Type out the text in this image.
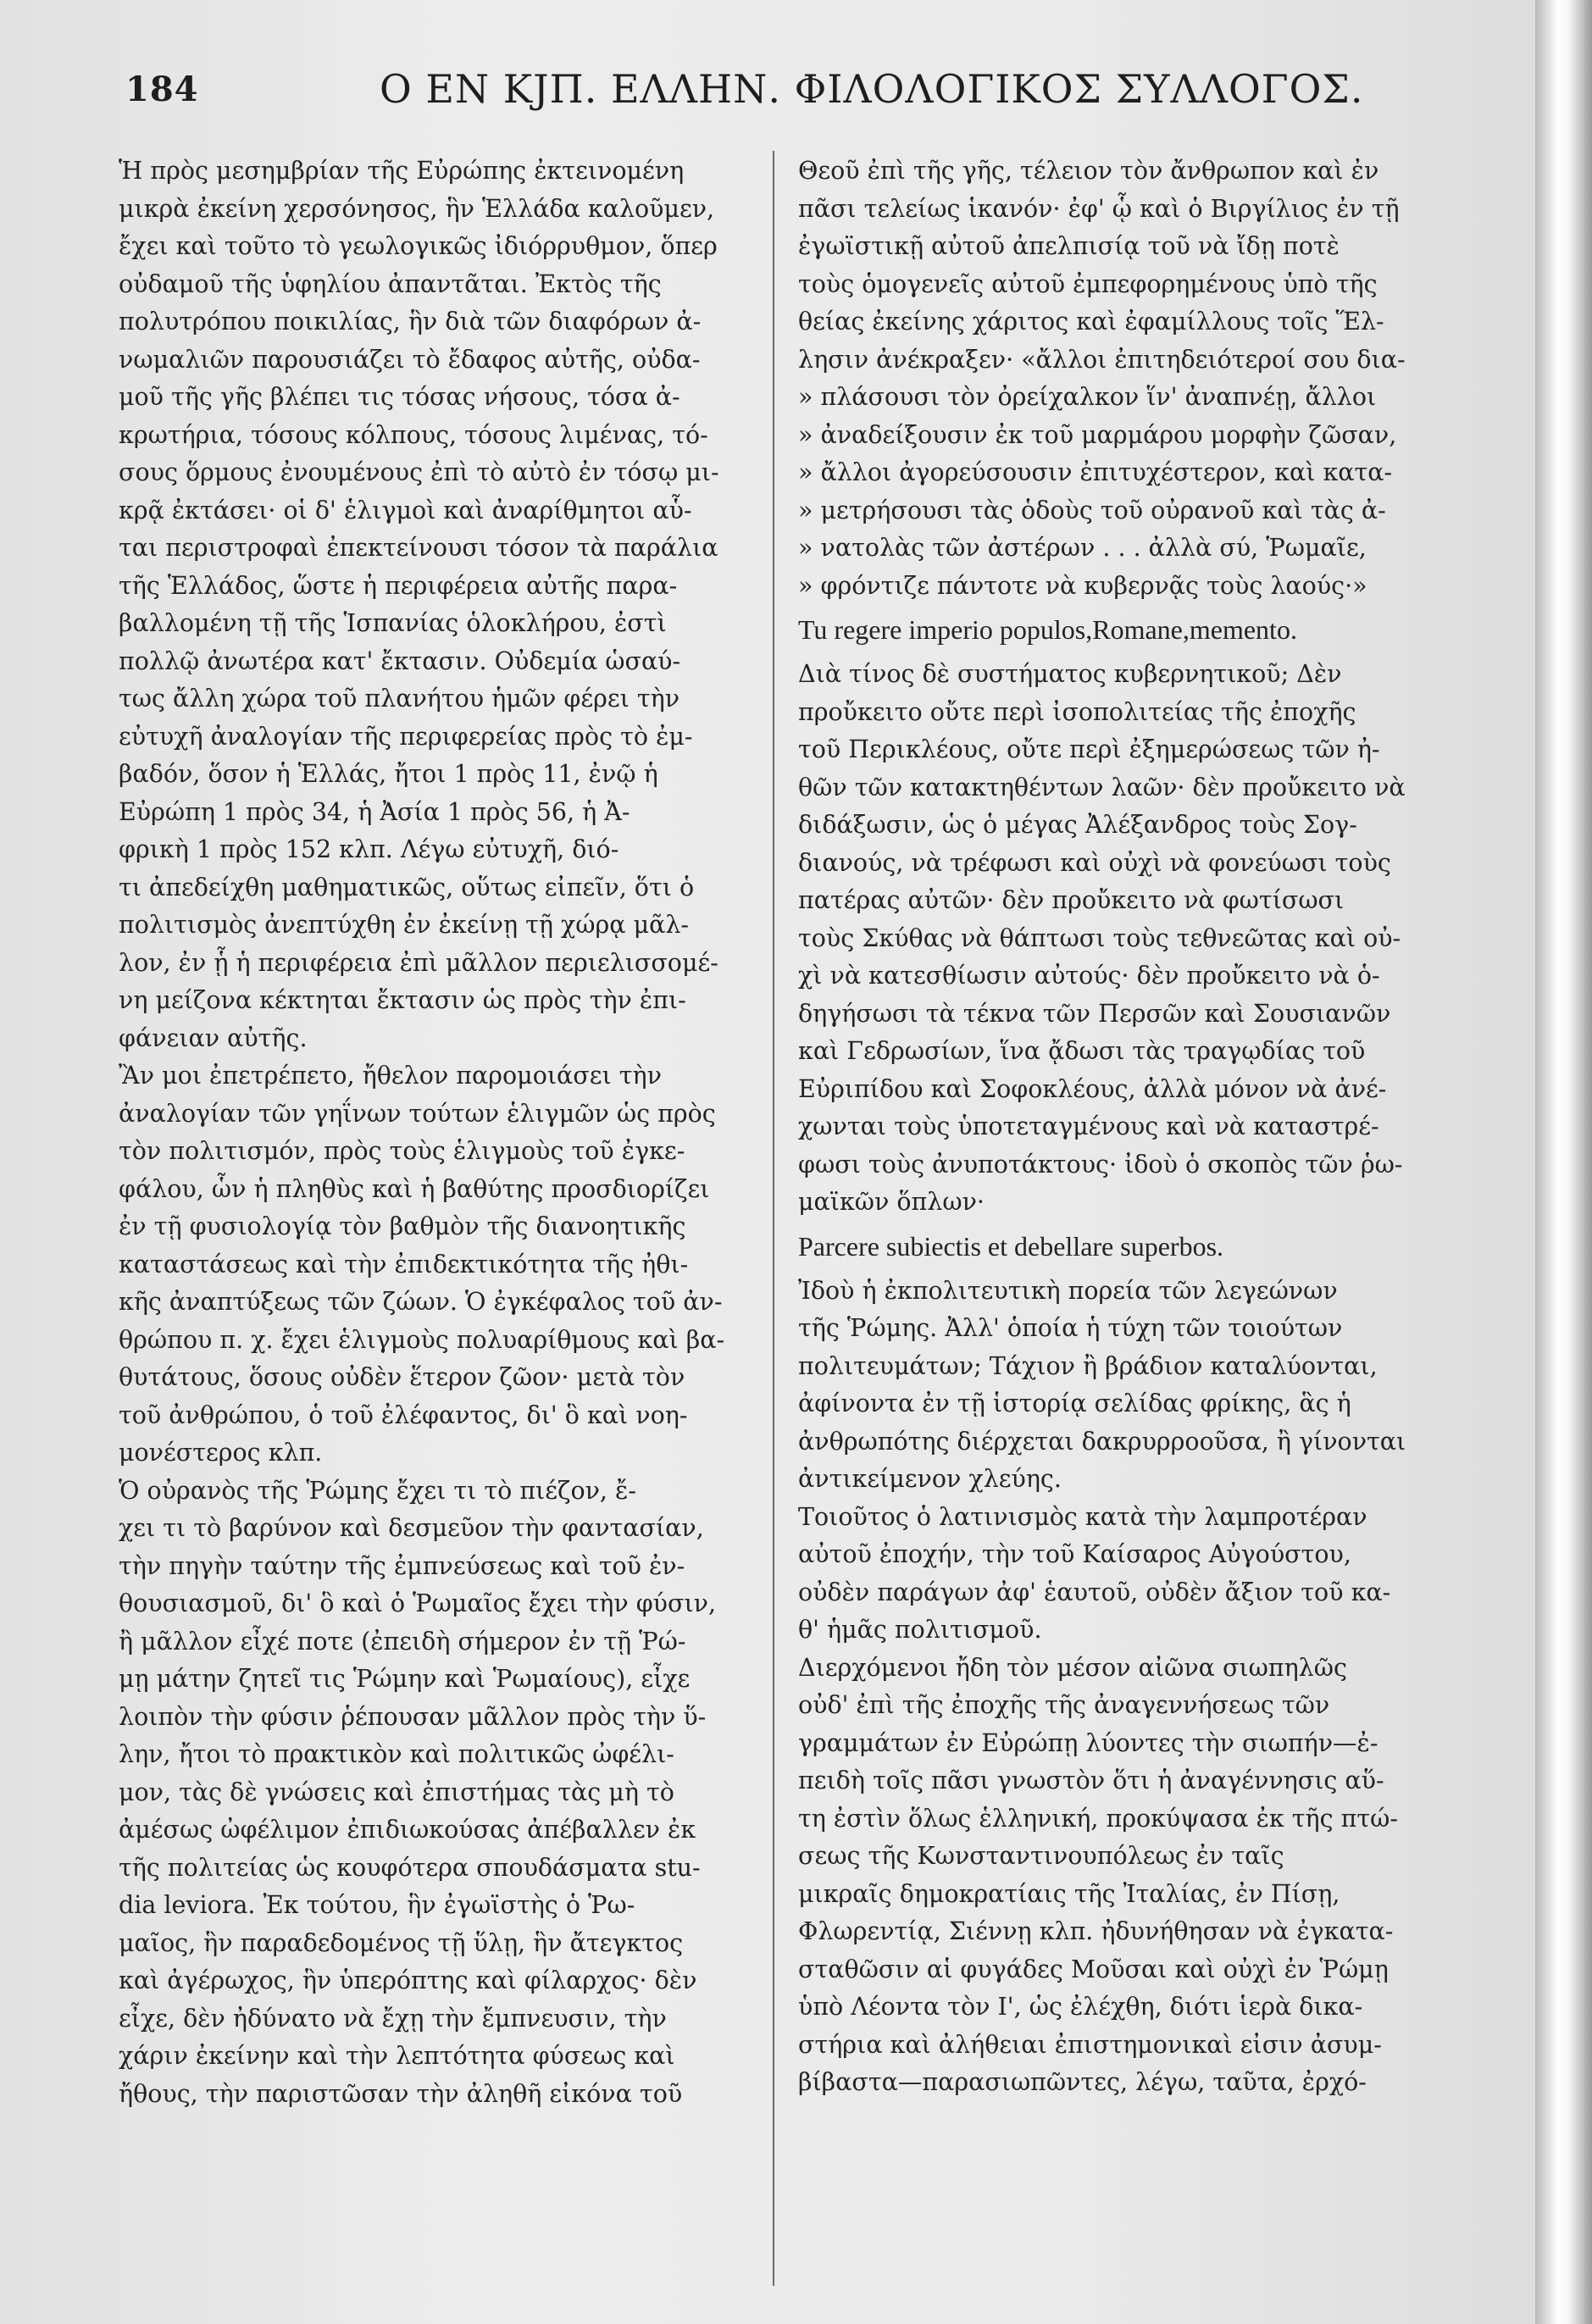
184	Ο ΕΝ ΚJΠ. ΕΛΛΗΝ. ΦΙΛΟΛΟΓΙΚΟΣ ΣΥΛΛΟΓΟΣ.
Ἡ πρὸς μεσημβρίαν τῆς Εὐρώπης ἐκτεινομένη
μικρὰ ἐκείνη χερσόνησος, ἣν Ἑλλάδα καλοῦμεν,
ἔχει καὶ τοῦτο τὸ γεωλογικῶς ἰδιόρρυθμον, ὅπερ
οὐδαμοῦ τῆς ὑφηλίου ἀπαντᾶται. Ἐκτὸς τῆς
πολυτρόπου ποικιλίας, ἣν διὰ τῶν διαφόρων ἀ-
νωμαλιῶν παρουσιάζει τὸ ἔδαφος αὐτῆς, οὐδα-
μοῦ τῆς γῆς βλέπει τις τόσας νήσους, τόσα ἀ-
κρωτήρια, τόσους κόλπους, τόσους λιμένας, τό-
σους ὅρμους ἐνουμένους ἐπὶ τὸ αὐτὸ ἐν τόσῳ μι-
κρᾷ ἐκτάσει· οἱ δ' ἑλιγμοὶ καὶ ἀναρίθμητοι αὗ-
ται περιστροφαὶ ἐπεκτείνουσι τόσον τὰ παράλια
τῆς Ἑλλάδος, ὥστε ἡ περιφέρεια αὐτῆς παρα-
βαλλομένη τῇ τῆς Ἱσπανίας ὁλοκλήρου, ἐστὶ
πολλῷ ἀνωτέρα κατ' ἔκτασιν. Οὐδεμία ὡσαύ-
τως ἄλλη χώρα τοῦ πλανήτου ἡμῶν φέρει τὴν
εὐτυχῆ ἀναλογίαν τῆς περιφερείας πρὸς τὸ ἐμ-
βαδόν, ὅσον ἡ Ἑλλάς, ἤτοι 1 πρὸς 11, ἐνῷ ἡ
Εὐρώπη 1 πρὸς 34, ἡ Ἀσία 1 πρὸς 56, ἡ Ἀ-
φρικὴ 1 πρὸς 152 κλπ. Λέγω εὐτυχῆ, διό-
τι ἀπεδείχθη μαθηματικῶς, οὕτως εἰπεῖν, ὅτι ὁ
πολιτισμὸς ἀνεπτύχθη ἐν ἐκείνῃ τῇ χώρᾳ μᾶλ-
λον, ἐν ᾗ ἡ περιφέρεια ἐπὶ μᾶλλον περιελισσομέ-
νη μείζονα κέκτηται ἔκτασιν ὡς πρὸς τὴν ἐπι-
φάνειαν αὐτῆς.
Ἂν μοι ἐπετρέπετο, ἤθελον παρομοιάσει τὴν
ἀναλογίαν τῶν γηΐνων τούτων ἑλιγμῶν ὡς πρὸς
τὸν πολιτισμόν, πρὸς τοὺς ἑλιγμοὺς τοῦ ἐγκε-
φάλου, ὧν ἡ πληθὺς καὶ ἡ βαθύτης προσδιορίζει
ἐν τῇ φυσιολογίᾳ τὸν βαθμὸν τῆς διανοητικῆς
καταστάσεως καὶ τὴν ἐπιδεκτικότητα τῆς ἠθι-
κῆς ἀναπτύξεως τῶν ζώων. Ὁ ἐγκέφαλος τοῦ ἀν-
θρώπου π. χ. ἔχει ἑλιγμοὺς πολυαρίθμους καὶ βα-
θυτάτους, ὅσους οὐδὲν ἕτερον ζῶον· μετὰ τὸν
τοῦ ἀνθρώπου, ὁ τοῦ ἐλέφαντος, δι' ὃ καὶ νοη-
μονέστερος κλπ.
Ὁ οὐρανὸς τῆς Ῥώμης ἔχει τι τὸ πιέζον, ἔ-
χει τι τὸ βαρύνον καὶ δεσμεῦον τὴν φαντασίαν,
τὴν πηγὴν ταύτην τῆς ἐμπνεύσεως καὶ τοῦ ἐν-
θουσιασμοῦ, δι' ὃ καὶ ὁ Ῥωμαῖος ἔχει τὴν φύσιν,
ἢ μᾶλλον εἶχέ ποτε (ἐπειδὴ σήμερον ἐν τῇ Ῥώ-
μῃ μάτην ζητεῖ τις Ῥώμην καὶ Ῥωμαίους), εἶχε
λοιπὸν τὴν φύσιν ῥέπουσαν μᾶλλον πρὸς τὴν ὕ-
λην, ἤτοι τὸ πρακτικὸν καὶ πολιτικῶς ὠφέλι-
μον, τὰς δὲ γνώσεις καὶ ἐπιστήμας τὰς μὴ τὸ
ἀμέσως ὠφέλιμον ἐπιδιωκούσας ἀπέβαλλεν ἐκ
τῆς πολιτείας ὡς κουφότερα σπουδάσματα stu-
dia leviora. Ἐκ τούτου, ἣν ἐγωϊστὴς ὁ Ῥω-
μαῖος, ἣν παραδεδομένος τῇ ὕλῃ, ἣν ἄτεγκτος
καὶ ἀγέρωχος, ἣν ὑπερόπτης καὶ φίλαρχος· δὲν
εἶχε, δὲν ἠδύνατο νὰ ἔχῃ τὴν ἔμπνευσιν, τὴν
χάριν ἐκείνην καὶ τὴν λεπτότητα φύσεως καὶ
ἤθους, τὴν παριστῶσαν τὴν ἀληθῆ εἰκόνα τοῦ
Θεοῦ ἐπὶ τῆς γῆς, τέλειον τὸν ἄνθρωπον καὶ ἐν
πᾶσι τελείως ἱκανόν· ἐφ' ᾧ καὶ ὁ Βιργίλιος ἐν τῇ
ἐγωϊστικῇ αὐτοῦ ἀπελπισίᾳ τοῦ νὰ ἴδῃ ποτὲ
τοὺς ὁμογενεῖς αὐτοῦ ἐμπεφορημένους ὑπὸ τῆς
θείας ἐκείνης χάριτος καὶ ἐφαμίλλους τοῖς Ἕλ-
λησιν ἀνέκραξεν· «ἄλλοι ἐπιτηδειότεροί σου δια-
» πλάσουσι τὸν ὀρείχαλκον ἵν' ἀναπνέῃ, ἄλλοι
» ἀναδείξουσιν ἐκ τοῦ μαρμάρου μορφὴν ζῶσαν,
» ἄλλοι ἀγορεύσουσιν ἐπιτυχέστερον, καὶ κατα-
» μετρήσουσι τὰς ὁδοὺς τοῦ οὐρανοῦ καὶ τὰς ἀ-
» νατολὰς τῶν ἀστέρων . . . ἀλλὰ σύ, Ῥωμαῖε,
» φρόντιζε πάντοτε νὰ κυβερνᾷς τοὺς λαούς·»
Tu regere imperio populos,Romane,memento.
Διὰ τίνος δὲ συστήματος κυβερνητικοῦ; Δὲν
προὔκειτο οὔτε περὶ ἰσοπολιτείας τῆς ἐποχῆς
τοῦ Περικλέους, οὔτε περὶ ἐξημερώσεως τῶν ἠ-
θῶν τῶν κατακτηθέντων λαῶν· δὲν προὔκειτο νὰ
διδάξωσιν, ὡς ὁ μέγας Ἀλέξανδρος τοὺς Σογ-
διανούς, νὰ τρέφωσι καὶ οὐχὶ νὰ φονεύωσι τοὺς
πατέρας αὐτῶν· δὲν προὔκειτο νὰ φωτίσωσι
τοὺς Σκύθας νὰ θάπτωσι τοὺς τεθνεῶτας καὶ οὐ-
χὶ νὰ κατεσθίωσιν αὐτούς· δὲν προὔκειτο νὰ ὁ-
δηγήσωσι τὰ τέκνα τῶν Περσῶν καὶ Σουσιανῶν
καὶ Γεδρωσίων, ἵνα ᾄδωσι τὰς τραγῳδίας τοῦ
Εὐριπίδου καὶ Σοφοκλέους, ἀλλὰ μόνον νὰ ἀνέ-
χωνται τοὺς ὑποτεταγμένους καὶ νὰ καταστρέ-
φωσι τοὺς ἀνυποτάκτους· ἰδοὺ ὁ σκοπὸς τῶν ῥω-
μαϊκῶν ὅπλων·
Parcere subiectis et debellare superbos.
Ἰδοὺ ἡ ἐκπολιτευτικὴ πορεία τῶν λεγεώνων
τῆς Ῥώμης. Ἀλλ' ὁποία ἡ τύχη τῶν τοιούτων
πολιτευμάτων; Τάχιον ἢ βράδιον καταλύονται,
ἀφίνοντα ἐν τῇ ἱστορίᾳ σελίδας φρίκης, ἃς ἡ
ἀνθρωπότης διέρχεται δακρυρροοῦσα, ἢ γίνονται
ἀντικείμενον χλεύης.
Τοιοῦτος ὁ λατινισμὸς κατὰ τὴν λαμπροτέραν
αὐτοῦ ἐποχήν, τὴν τοῦ Καίσαρος Αὐγούστου,
οὐδὲν παράγων ἀφ' ἑαυτοῦ, οὐδὲν ἄξιον τοῦ κα-
θ' ἡμᾶς πολιτισμοῦ.
Διερχόμενοι ἤδη τὸν μέσον αἰῶνα σιωπηλῶς
οὐδ' ἐπὶ τῆς ἐποχῆς τῆς ἀναγεννήσεως τῶν
γραμμάτων ἐν Εὐρώπῃ λύοντες τὴν σιωπήν—ἐ-
πειδὴ τοῖς πᾶσι γνωστὸν ὅτι ἡ ἀναγέννησις αὕ-
τη ἐστὶν ὅλως ἑλληνική, προκύψασα ἐκ τῆς πτώ-
σεως τῆς Κωνσταντινουπόλεως ἐν ταῖς
μικραῖς δημοκρατίαις τῆς Ἰταλίας, ἐν Πίσῃ,
Φλωρεντίᾳ, Σιέννῃ κλπ. ἠδυνήθησαν νὰ ἐγκατα-
σταθῶσιν αἱ φυγάδες Μοῦσαι καὶ οὐχὶ ἐν Ῥώμῃ
ὑπὸ Λέοντα τὸν Ι', ὡς ἐλέχθη, διότι ἱερὰ δικα-
στήρια καὶ ἀλήθειαι ἐπιστημονικαὶ εἰσιν ἀσυμ-
βίβαστα—παρασιωπῶντες, λέγω, ταῦτα, ἐρχό-
